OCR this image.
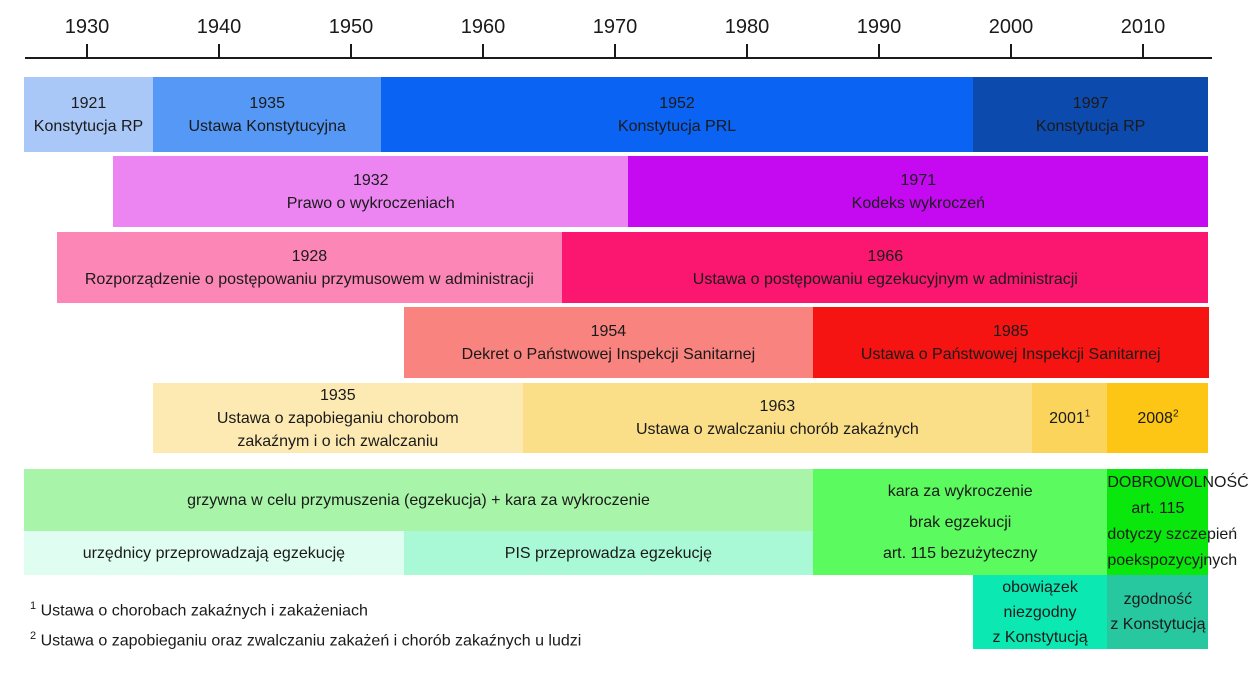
1930	1940	1950	1960	1970	1980	1990	2000	2010
1921
Konstytucja RP
1935
Ustawa Konstytucyjna
1952
Konstytucja PRL
1997
Konstytucja RP
1932
Prawo o wykroczeniach
1971
Kodeks wykroczeń
1928
Rozporządzenie o postępowaniu przymusowem w administracji
1966
Ustawa o postępowaniu egzekucyjnym w administracji
1954
Dekret o Państwowej Inspekcji Sanitarnej
1985
Ustawa o Państwowej Inspekcji Sanitarnej
1935
Ustawa o zapobieganiu chorobom
zakaźnym i o ich zwalczaniu
1963
Ustawa o zwalczaniu chorób zakaźnych
2001$^1$	2008$^2$
grzywna w celu przymuszenia (egzekucja) + kara za wykroczenie
urzędnicy przeprowadzają egzekucję	PIS przeprowadza egzekucję
kara za wykroczenie
brak egzekucji
art. 115 bezużyteczny
DOBROWOLNOŚĆ
art. 115
dotyczy szczepień
poekspozycyjnych
obowiązek
niezgodny
z Konstytucją
zgodność
z Konstytucją
$^1$ Ustawa o chorobach zakaźnych i zakażeniach
$^2$ Ustawa o zapobieganiu oraz zwalczaniu zakażeń i chorób zakaźnych u ludzi
